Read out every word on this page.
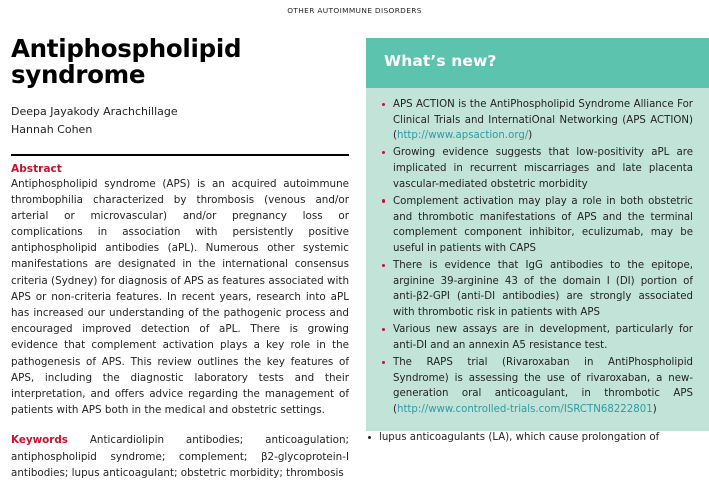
OTHER AUTOIMMUNE DISORDERS
Antiphospholipid syndrome
Deepa Jayakody Arachchillage
Hannah Cohen
Abstract

Antiphospholipid syndrome (APS) is an acquired autoimmune thrombophilia characterized by thrombosis (venous and/or arterial or microvascular) and/or pregnancy loss or complications in association with persistently positive antiphospholipid antibodies (aPL). Numerous other systemic manifestations are designated in the international consensus criteria (Sydney) for diagnosis of APS as features associated with APS or non-criteria features. In recent years, research into aPL has increased our understanding of the pathogenic process and encouraged improved detection of aPL. There is growing evidence that complement activation plays a key role in the pathogenesis of APS. This review outlines the key features of APS, including the diagnostic laboratory tests and their interpretation, and offers advice regarding the management of patients with APS both in the medical and obstetric settings.

Keywords Anticardiolipin antibodies; anticoagulation; antiphospholipid syndrome; complement; β2-glycoprotein-I antibodies; lupus anticoagulant; obstetric morbidity; thrombosis
What’s new?
APS ACTION is the AntiPhospholipid Syndrome Alliance For Clinical Trials and InternatiOnal Networking (APS ACTION) (http://www.apsaction.org/)
Growing evidence suggests that low-positivity aPL are implicated in recurrent miscarriages and late placenta vascular-mediated obstetric morbidity
Complement activation may play a role in both obstetric and thrombotic manifestations of APS and the terminal complement component inhibitor, eculizumab, may be useful in patients with CAPS
There is evidence that IgG antibodies to the epitope, arginine 39-arginine 43 of the domain I (DI) portion of anti-β2-GPI (anti-DI antibodies) are strongly associated with thrombotic risk in patients with APS
Various new assays are in development, particularly for anti-DI and an annexin A5 resistance test.
The RAPS trial (Rivaroxaban in AntiPhospholipid Syndrome) is assessing the use of rivaroxaban, a new-generation oral anticoagulant, in thrombotic APS (http://www.controlled-trials.com/ISRCTN68222801)
lupus anticoagulants (LA), which cause prolongation of
